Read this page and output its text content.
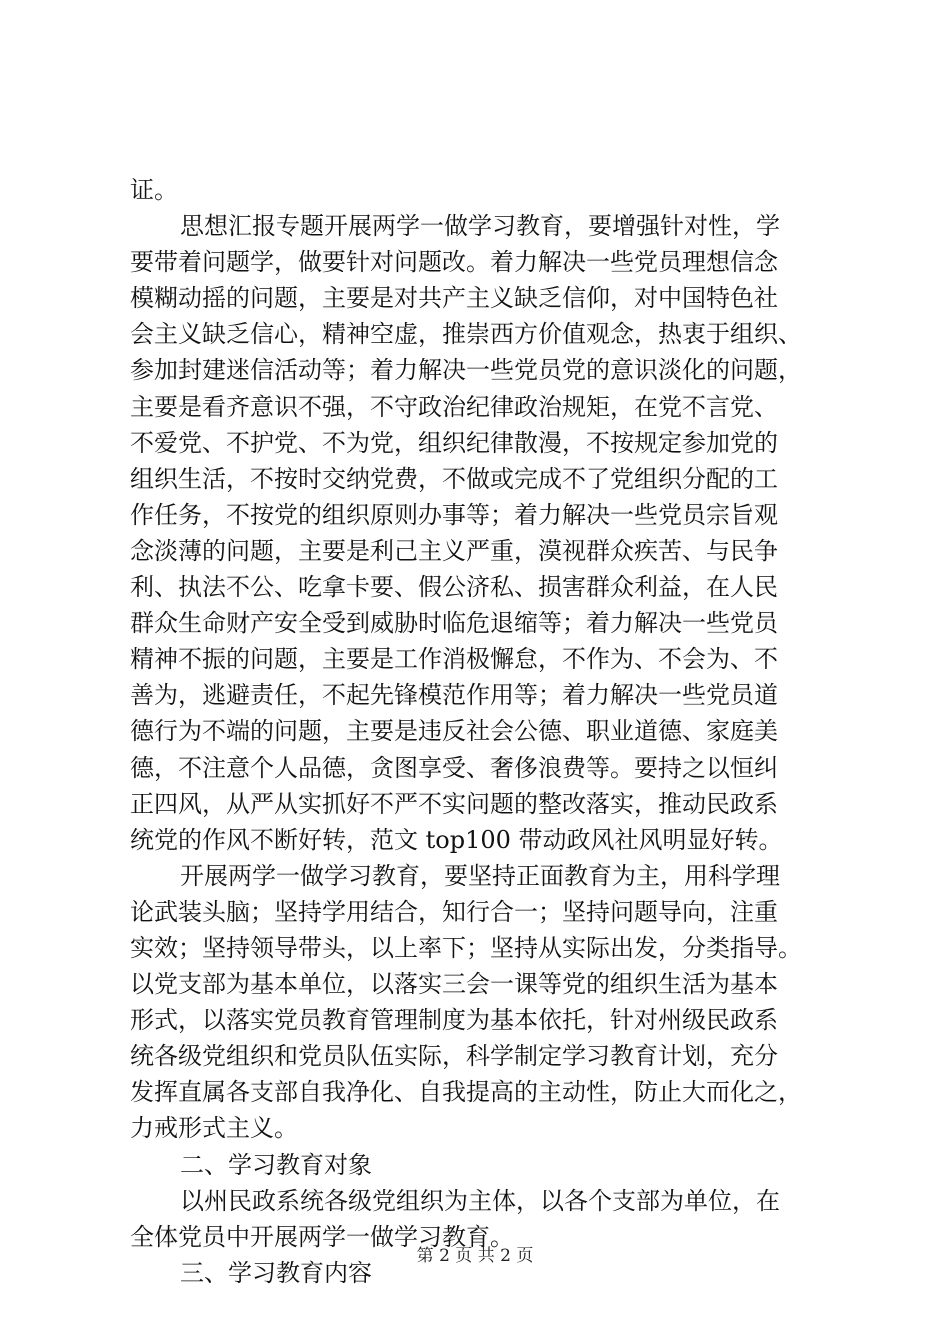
证。
思想汇报专题开展两学一做学习教育，要增强针对性，学
要带着问题学，做要针对问题改。着力解决一些党员理想信念
模糊动摇的问题，主要是对共产主义缺乏信仰，对中国特色社
会主义缺乏信心，精神空虚，推崇西方价值观念，热衷于组织、
参加封建迷信活动等；着力解决一些党员党的意识淡化的问题，
主要是看齐意识不强，不守政治纪律政治规矩，在党不言党、
不爱党、不护党、不为党，组织纪律散漫，不按规定参加党的
组织生活，不按时交纳党费，不做或完成不了党组织分配的工
作任务，不按党的组织原则办事等；着力解决一些党员宗旨观
念淡薄的问题，主要是利己主义严重，漠视群众疾苦、与民争
利、执法不公、吃拿卡要、假公济私、损害群众利益，在人民
群众生命财产安全受到威胁时临危退缩等；着力解决一些党员
精神不振的问题，主要是工作消极懈怠，不作为、不会为、不
善为，逃避责任，不起先锋模范作用等；着力解决一些党员道
德行为不端的问题，主要是违反社会公德、职业道德、家庭美
德，不注意个人品德，贪图享受、奢侈浪费等。要持之以恒纠
正四风，从严从实抓好不严不实问题的整改落实，推动民政系
统党的作风不断好转，范文 top100 带动政风社风明显好转。
开展两学一做学习教育，要坚持正面教育为主，用科学理
论武装头脑；坚持学用结合，知行合一；坚持问题导向，注重
实效；坚持领导带头，以上率下；坚持从实际出发，分类指导。
以党支部为基本单位，以落实三会一课等党的组织生活为基本
形式，以落实党员教育管理制度为基本依托，针对州级民政系
统各级党组织和党员队伍实际，科学制定学习教育计划，充分
发挥直属各支部自我净化、自我提高的主动性，防止大而化之，
力戒形式主义。
二、学习教育对象
以州民政系统各级党组织为主体，以各个支部为单位，在
全体党员中开展两学一做学习教育。
三、学习教育内容
第 2 页 共 2 页
